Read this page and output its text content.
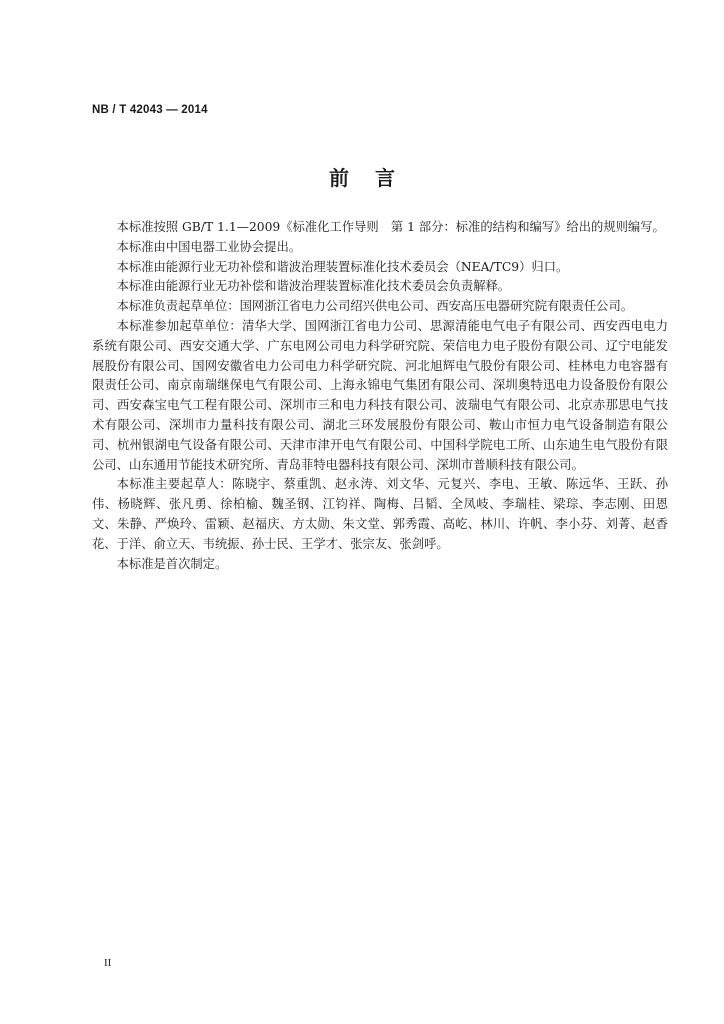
NB / T 42043 — 2014
前言

本标准按照 GB/T 1.1—2009《标准化工作导则　第 1 部分：标准的结构和编写》给出的规则编写。

本标准由中国电器工业协会提出。

本标准由能源行业无功补偿和谐波治理装置标准化技术委员会（NEA/TC9）归口。

本标准由能源行业无功补偿和谐波治理装置标准化技术委员会负责解释。

本标准负责起草单位：国网浙江省电力公司绍兴供电公司、西安高压电器研究院有限责任公司。

本标准参加起草单位：清华大学、国网浙江省电力公司、思源清能电气电子有限公司、西安西电电力系统有限公司、西安交通大学、广东电网公司电力科学研究院、荣信电力电子股份有限公司、辽宁电能发展股份有限公司、国网安徽省电力公司电力科学研究院、河北旭辉电气股份有限公司、桂林电力电容器有限责任公司、南京南瑞继保电气有限公司、上海永锦电气集团有限公司、深圳奥特迅电力设备股份有限公司、西安森宝电气工程有限公司、深圳市三和电力科技有限公司、波瑞电气有限公司、北京赤那思电气技术有限公司、深圳市力量科技有限公司、湖北三环发展股份有限公司、鞍山市恒力电气设备制造有限公司、杭州银湖电气设备有限公司、天津市津开电气有限公司、中国科学院电工所、山东迪生电气股份有限公司、山东通用节能技术研究所、青岛菲特电器科技有限公司、深圳市普顺科技有限公司。

本标准主要起草人：陈晓宇、蔡重凯、赵永涛、刘文华、元复兴、李电、王敏、陈远华、王跃、孙伟、杨晓辉、张凡勇、徐柏榆、魏圣钢、江钧祥、陶梅、吕韬、全凤岐、李瑞桂、梁琮、李志刚、田恩文、朱静、严焕玲、雷颖、赵福庆、方太勋、朱文堂、郭秀霞、高屹、林川、许帆、李小芬、刘菁、赵香花、于洋、俞立天、韦统振、孙士民、王学才、张宗友、张剑呼。

本标准是首次制定。

II
